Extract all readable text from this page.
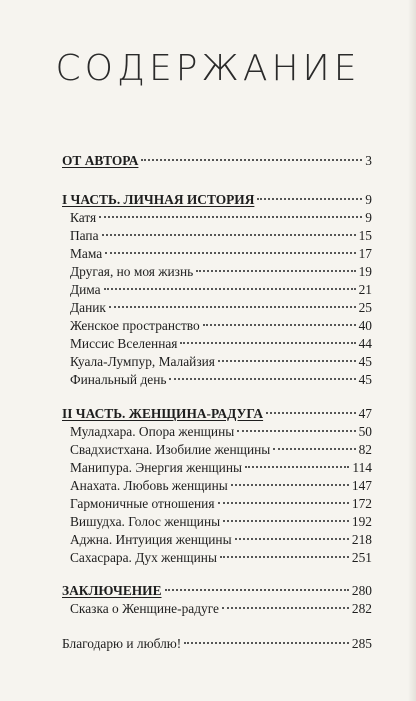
СОДЕРЖАНИЕ
ОТ АВТОРА	3
I ЧАСТЬ. ЛИЧНАЯ ИСТОРИЯ	9
Катя	9
Папа	15
Мама	17
Другая, но моя жизнь	19
Дима	21
Даник	25
Женское пространство	40
Миссис Вселенная	44
Куала-Лумпур, Малайзия	45
Финальный день	45
II ЧАСТЬ. ЖЕНЩИНА-РАДУГА	47
Муладхара. Опора женщины	50
Свадхистхана. Изобилие женщины	82
Манипура. Энергия женщины	114
Анахата. Любовь женщины	147
Гармоничные отношения	172
Вишудха. Голос женщины	192
Аджна. Интуиция женщины	218
Сахасрара. Дух женщины	251
ЗАКЛЮЧЕНИЕ	280
Сказка о Женщине-радуге	282
Благодарю и люблю!	285
